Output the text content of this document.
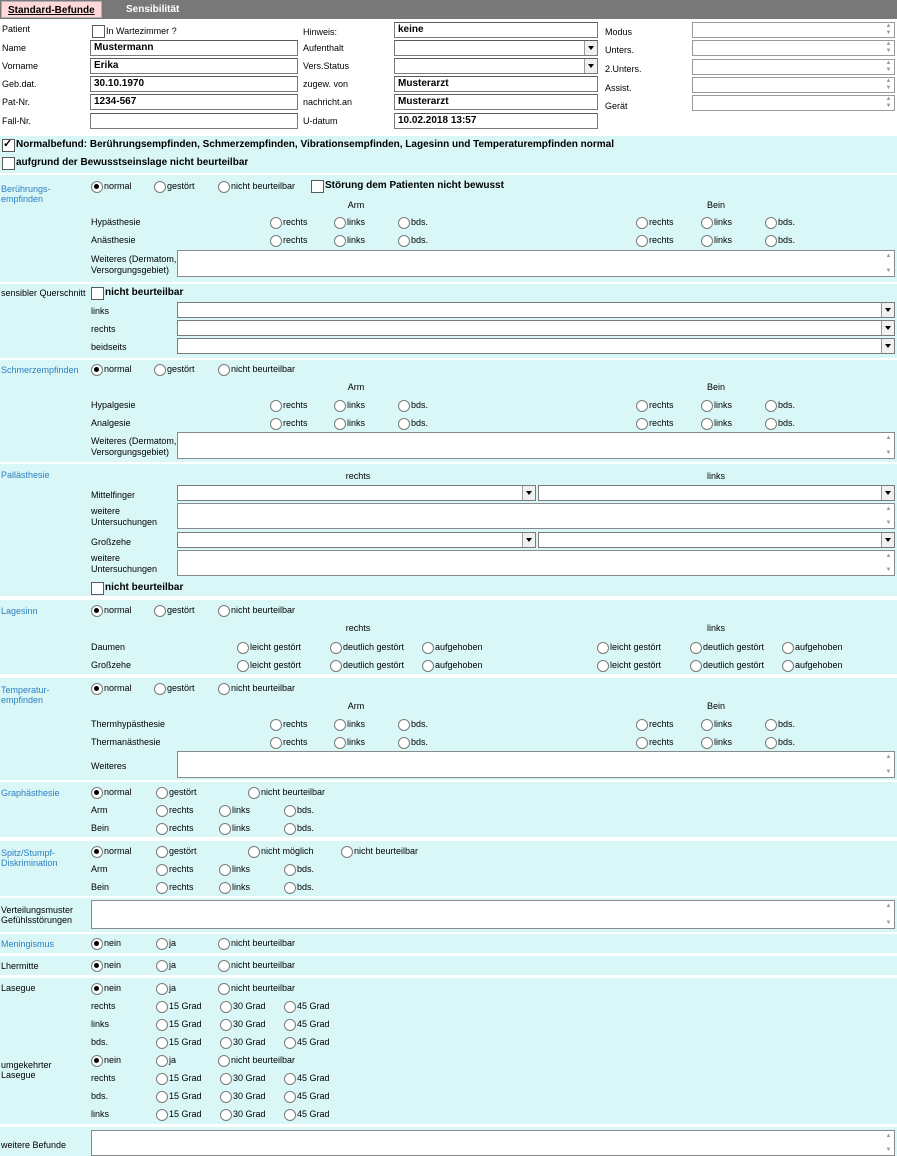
Standard-Befunde	Sensibilität
Patient	In Wartezimmer ?
Name	Mustermann
Vorname	Erika
Geb.dat.	30.10.1970
Pat-Nr.	1234-567
Fall-Nr.
Hinweis:	keine
Aufenthalt
Vers.Status
zugew. von	Musterarzt
nachricht.an	Musterarzt
U-datum	10.02.2018 13:57
Modus
▲
▼
Unters.
▲
▼
2.Unters.
▲
▼
Assist.
▲
▼
Gerät
▲
▼
Normalbefund: Berührungsempfinden, Schmerzempfinden, Vibrationsempfinden, Lagesinn und Temperaturempfinden normal ✓
aufgrund der Bewusstseinslage nicht beurteilbar
Berührungs-
empfinden
normal	gestört	nicht beurteilbar	Störung dem Patienten nicht bewusst
Arm	Bein
Hypästhesie	rechts	links	bds.	rechts	links	bds.
Anästhesie	rechts	links	bds.	rechts	links	bds.
Weiteres (Dermatom,
Versorgungsgebiet)
▲
▼
sensibler Querschnitt	nicht beurteilbar
links
rechts
beidseits
Schmerzempfinden	normal	gestört	nicht beurteilbar
Arm	Bein
Hypalgesie	rechts	links	bds.	rechts	links	bds.
Analgesie	rechts	links	bds.	rechts	links	bds.
Weiteres (Dermatom,
Versorgungsgebiet)
▲
▼
Pallästhesie	rechts	links
Mittelfinger
weitere
Untersuchungen
▲
▼
Großzehe
weitere
Untersuchungen
▲
▼
nicht beurteilbar
Lagesinn	normal	gestört	nicht beurteilbar
rechts	links
Daumen	leicht gestört	deutlich gestört	aufgehoben	leicht gestört	deutlich gestört	aufgehoben
Großzehe	leicht gestört	deutlich gestört	aufgehoben	leicht gestört	deutlich gestört	aufgehoben
Temperatur-
empfinden
normal	gestört	nicht beurteilbar
Arm	Bein
Thermhypästhesie	rechts	links	bds.	rechts	links	bds.
Thermanästhesie	rechts	links	bds.	rechts	links	bds.
Weiteres
▲
▼
Graphästhesie	normal	gestört	nicht beurteilbar
Arm	rechts	links	bds.
Bein	rechts	links	bds.
Spitz/Stumpf-
Diskrimination
normal	gestört	nicht möglich	nicht beurteilbar
Arm	rechts	links	bds.
Bein	rechts	links	bds.
Verteilungsmuster
Gefühlsstörungen
▲
▼
Meningismus	nein	ja	nicht beurteilbar
Lhermitte	nein	ja	nicht beurteilbar
Lasegue	nein	ja	nicht beurteilbar
rechts	15 Grad	30 Grad	45 Grad
links	15 Grad	30 Grad	45 Grad
bds.	15 Grad	30 Grad	45 Grad
umgekehrter
Lasegue
nein	ja	nicht beurteilbar
rechts	15 Grad	30 Grad	45 Grad
bds.	15 Grad	30 Grad	45 Grad
links	15 Grad	30 Grad	45 Grad
weitere Befunde
▲
▼
